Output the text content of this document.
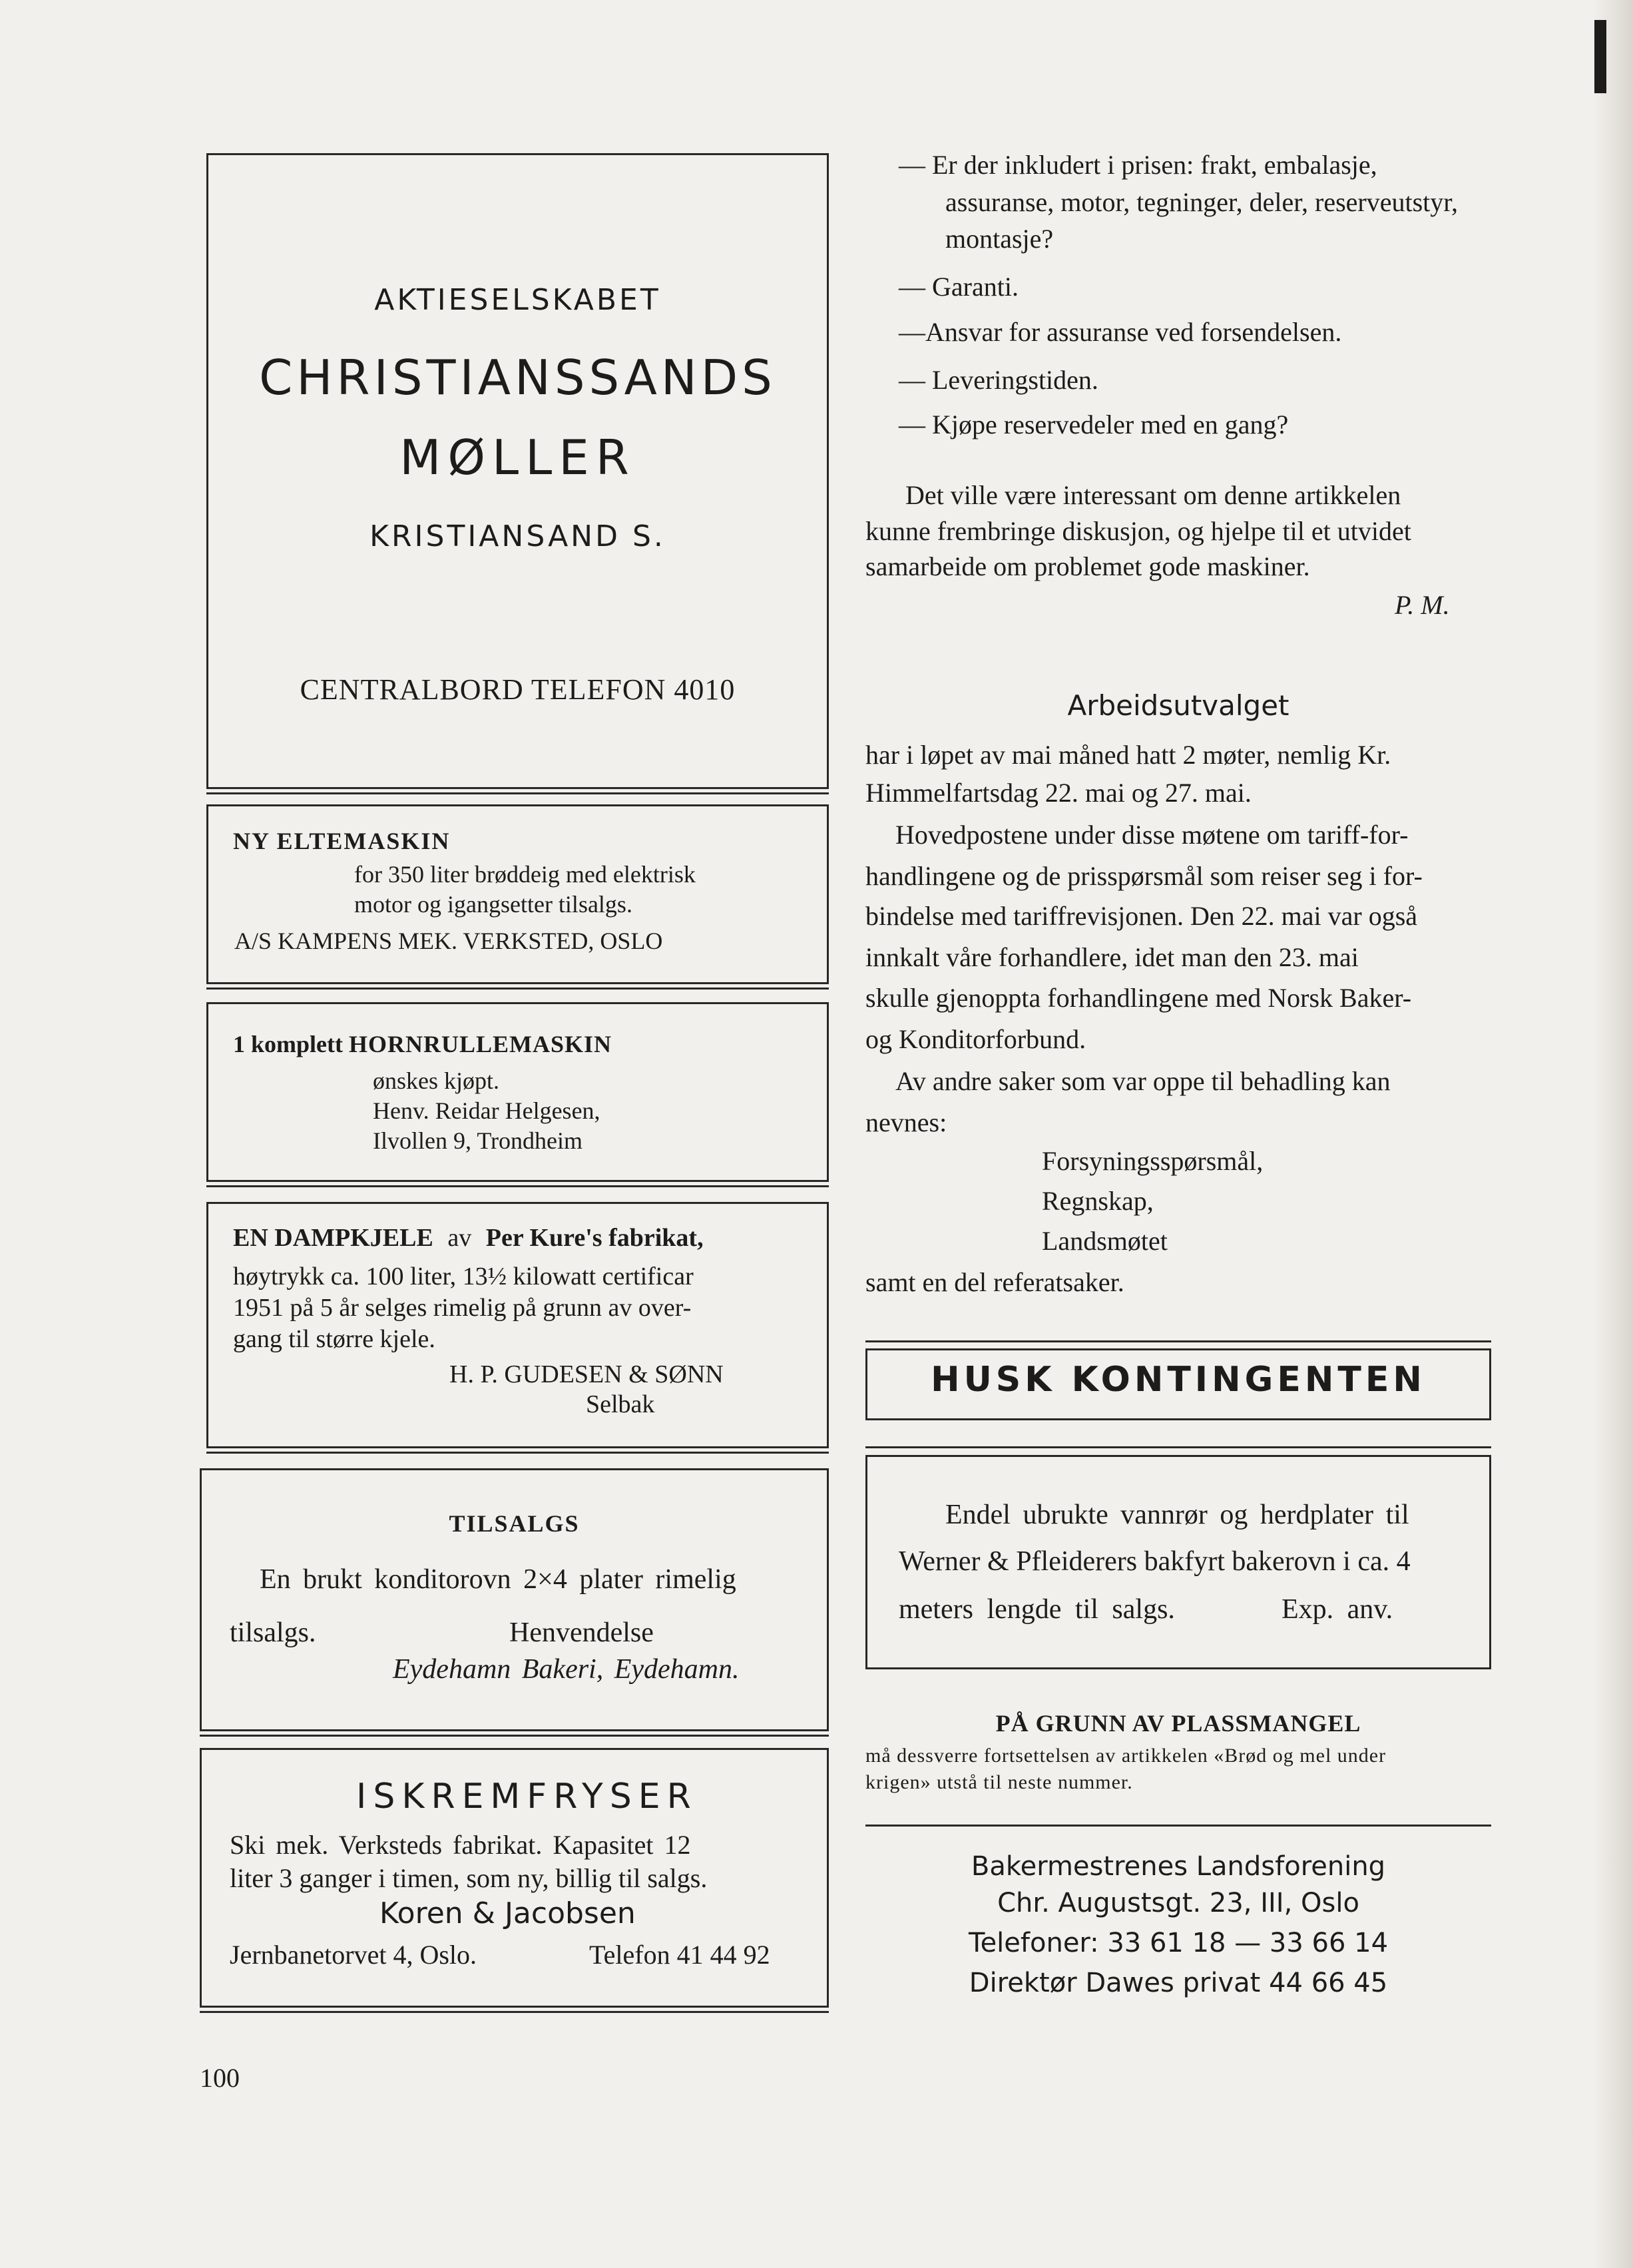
AKTIESELSKABET
CHRISTIANSSANDS
MØLLER
KRISTIANSAND S.
CENTRALBORD TELEFON 4010
NY ELTEMASKIN
for 350 liter brøddeig med elektrisk
motor og igangsetter tilsalgs.
A/S KAMPENS MEK. VERKSTED, OSLO
1 komplett HORNRULLEMASKIN
ønskes kjøpt.
Henv. Reidar Helgesen,
Ilvollen 9, Trondheim
EN DAMPKJELE av Per Kure's fabrikat,
høytrykk ca. 100 liter, 13½ kilowatt certificar
1951 på 5 år selges rimelig på grunn av over-
gang til større kjele.
H. P. GUDESEN & SØNN
Selbak
TILSALGS
En brukt konditorovn 2×4 plater rimelig
tilsalgs.	Henvendelse
Eydehamn Bakeri, Eydehamn.
ISKREMFRYSER
Ski mek. Verksteds fabrikat. Kapasitet 12
liter 3 ganger i timen, som ny, billig til salgs.
Koren & Jacobsen
Jernbanetorvet 4, Oslo.	Telefon 41 44 92
100

— Er der inkludert i prisen: frakt, embalasje,

assuranse, motor, tegninger, deler, reserveutstyr,

montasje?

— Garanti.

—Ansvar for assuranse ved forsendelsen.

— Leveringstiden.

— Kjøpe reservedeler med en gang?

Det ville være interessant om denne artikkelen

kunne frembringe diskusjon, og hjelpe til et utvidet

samarbeide om problemet gode maskiner.

P. M.
Arbeidsutvalget

har i løpet av mai måned hatt 2 møter, nemlig Kr.

Himmelfartsdag 22. mai og 27. mai.

Hovedpostene under disse møtene om tariff-for-

handlingene og de prisspørsmål som reiser seg i for-

bindelse med tariffrevisjonen. Den 22. mai var også

innkalt våre forhandlere, idet man den 23. mai

skulle gjenoppta forhandlingene med Norsk Baker-

og Konditorforbund.

Av andre saker som var oppe til behadling kan

nevnes:

Forsyningsspørsmål,

Regnskap,

Landsmøtet

samt en del referatsaker.

HUSK KONTINGENTEN
Endel ubrukte vannrør og herdplater til
Werner & Pfleiderers bakfyrt bakerovn i ca. 4
meters lengde til salgs.	Exp. anv.
PÅ GRUNN AV PLASSMANGEL
må dessverre fortsettelsen av artikkelen «Brød og mel under
krigen» utstå til neste nummer.
Bakermestrenes Landsforening
Chr. Augustsgt. 23, III, Oslo
Telefoner: 33 61 18 — 33 66 14
Direktør Dawes privat 44 66 45
